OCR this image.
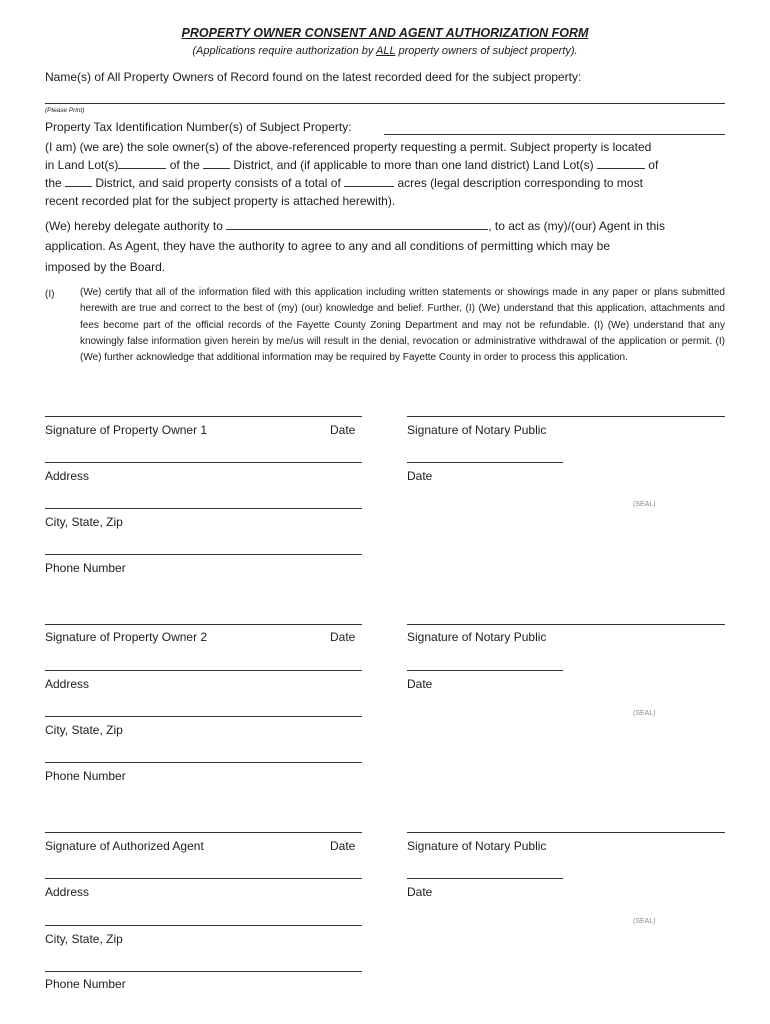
PROPERTY OWNER CONSENT AND AGENT AUTHORIZATION FORM
(Applications require authorization by ALL property owners of subject property).
Name(s) of All Property Owners of Record found on the latest recorded deed for the subject property:
(Please Print)
Property Tax Identification Number(s) of Subject Property:
(I am) (we are) the sole owner(s) of the above-referenced property requesting a permit. Subject property is located
in Land Lot(s)	of the  District, and (if applicable to more than one land district) Land Lot(s)	of
the  District, and said property consists of a total of	acres (legal description corresponding to most
recent recorded plat for the subject property is attached herewith).
(We) hereby delegate authority to	, to act as (my)/(our) Agent in this
application. As Agent, they have the authority to agree to any and all conditions of permitting which may be
imposed by the Board.
(I)	(We) certify that all of the information filed with this application including written statements or showings made in any paper or plans submitted herewith are true and correct to the best of (my) (our) knowledge and belief. Further, (I) (We) understand that this application, attachments and fees become part of the official records of the Fayette County Zoning Department and may not be refundable. (I) (We) understand that any knowingly false information given herein by me/us will result in the denial, revocation or administrative withdrawal of the application or permit. (I) (We) further acknowledge that additional information may be required by Fayette County in order to process this application.
Signature of Property Owner 1	Date	Signature of Notary Public
Address	Date
(SEAL)
City, State, Zip
Phone Number
Signature of Property Owner 2	Date	Signature of Notary Public
Address	Date
(SEAL)
City, State, Zip
Phone Number
Signature of Authorized Agent	Date	Signature of Notary Public
Address	Date
(SEAL)
City, State, Zip
Phone Number
